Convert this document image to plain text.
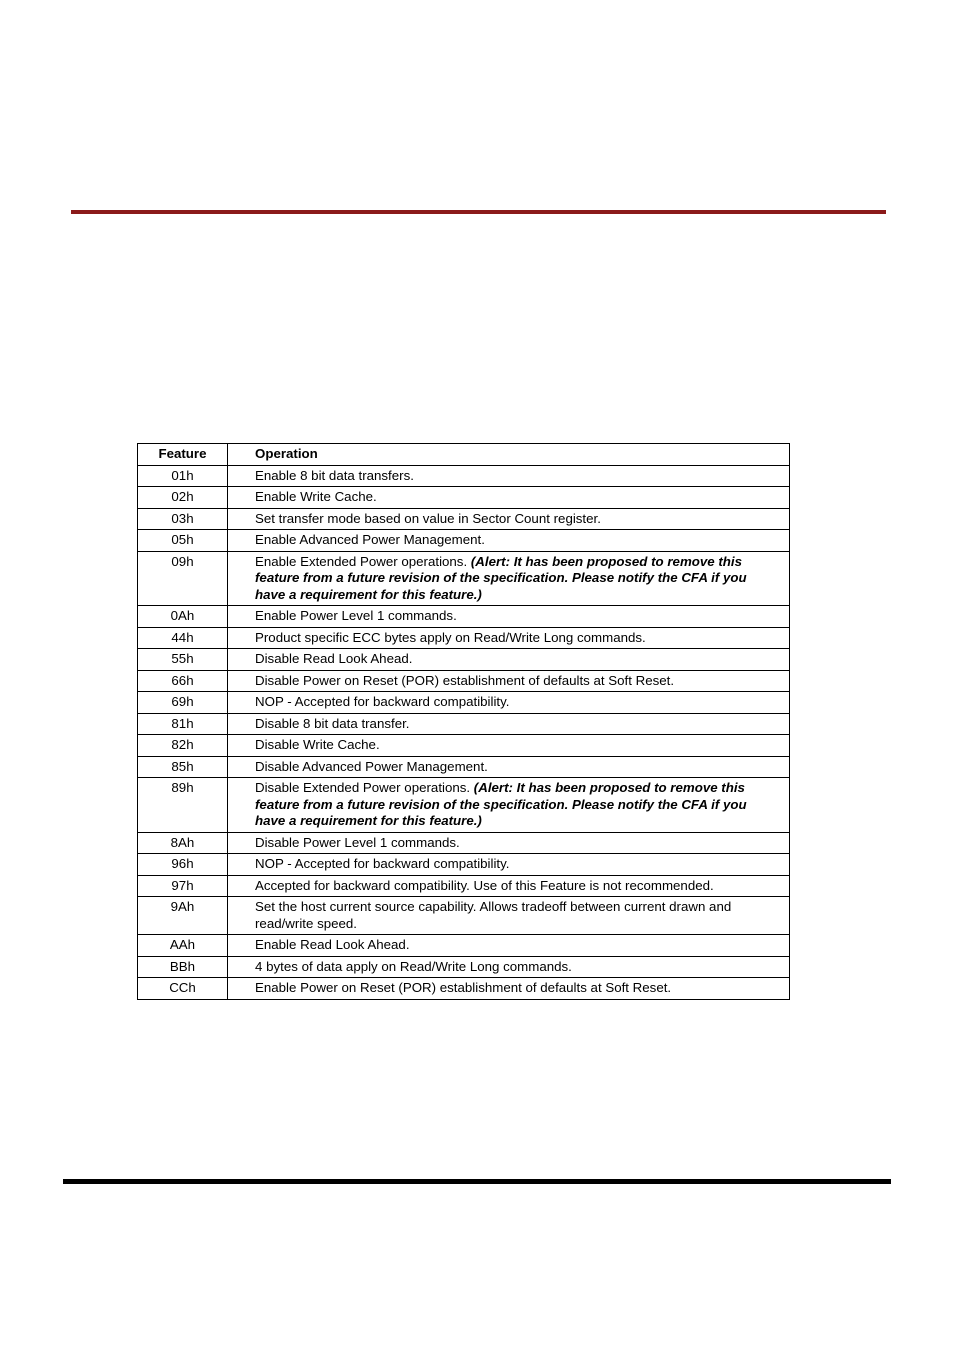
Feature	Operation
01h	Enable 8 bit data transfers.
02h	Enable Write Cache.
03h	Set transfer mode based on value in Sector Count register.
05h	Enable Advanced Power Management.
09h	Enable Extended Power operations. (Alert: It has been proposed to remove this feature from a future revision of the specification. Please notify the CFA if you have a requirement for this feature.)
0Ah	Enable Power Level 1 commands.
44h	Product specific ECC bytes apply on Read/Write Long commands.
55h	Disable Read Look Ahead.
66h	Disable Power on Reset (POR) establishment of defaults at Soft Reset.
69h	NOP - Accepted for backward compatibility.
81h	Disable 8 bit data transfer.
82h	Disable Write Cache.
85h	Disable Advanced Power Management.
89h	Disable Extended Power operations. (Alert: It has been proposed to remove this feature from a future revision of the specification. Please notify the CFA if you have a requirement for this feature.)
8Ah	Disable Power Level 1 commands.
96h	NOP - Accepted for backward compatibility.
97h	Accepted for backward compatibility. Use of this Feature is not recommended.
9Ah	Set the host current source capability. Allows tradeoff between current drawn and read/write speed.
AAh	Enable Read Look Ahead.
BBh	4 bytes of data apply on Read/Write Long commands.
CCh	Enable Power on Reset (POR) establishment of defaults at Soft Reset.
